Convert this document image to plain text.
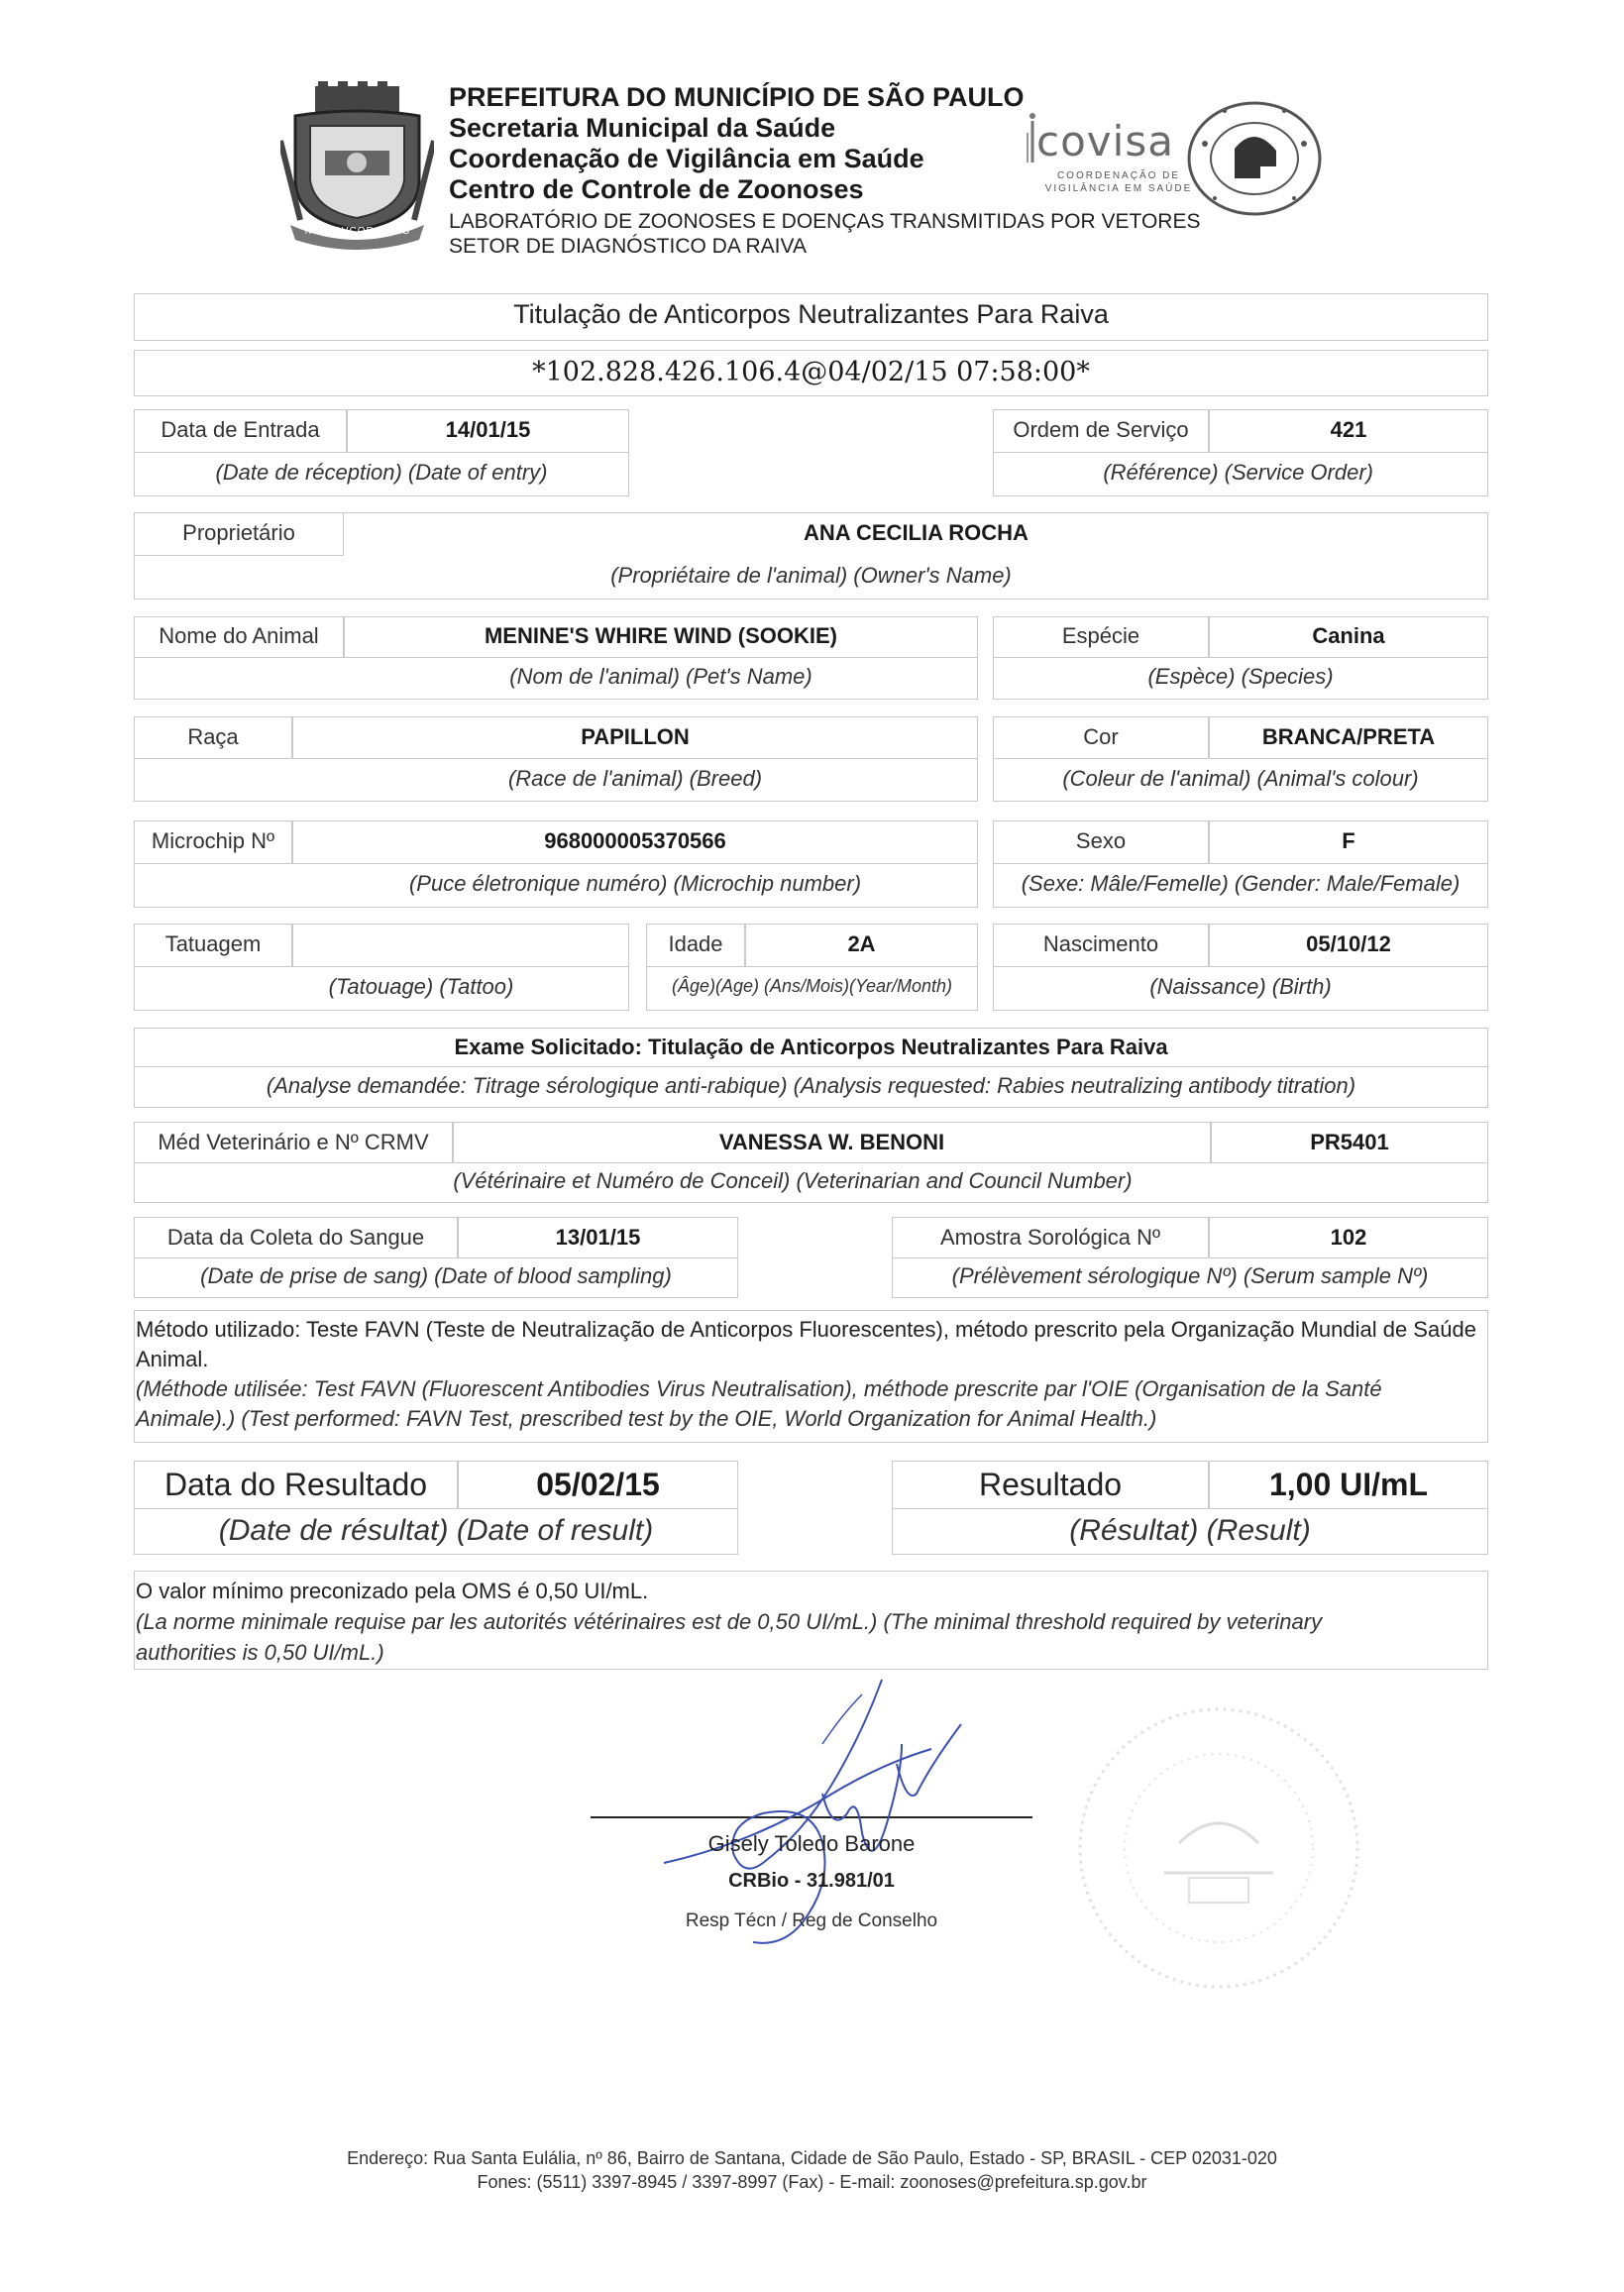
NON DVCOR DVCO
PREFEITURA DO MUNICÍPIO DE SÃO PAULO
Secretaria Municipal da Saúde
Coordenação de Vigilância em Saúde
Centro de Controle de Zoonoses
LABORATÓRIO DE ZOONOSES E DOENÇAS TRANSMITIDAS POR VETORES
SETOR DE DIAGNÓSTICO DA RAIVA
covisa
COORDENAÇÃO DE
VIGILÂNCIA EM SAÚDE
Titulação de Anticorpos Neutralizantes Para Raiva
*102.828.426.106.4@04/02/15 07:58:00*
Data de Entrada	14/01/15
(Date de réception) (Date of entry)
Ordem de Serviço	421
(Référence) (Service Order)
Proprietário	ANA CECILIA ROCHA
(Propriétaire de l'animal) (Owner's Name)
Nome do Animal	MENINE'S WHIRE WIND (SOOKIE)
(Nom de l'animal) (Pet's Name)
Espécie	Canina
(Espèce) (Species)
Raça	PAPILLON
(Race de l'animal) (Breed)
Cor	BRANCA/PRETA
(Coleur de l'animal) (Animal's colour)
Microchip Nº	968000005370566
(Puce életronique numéro) (Microchip number)
Sexo	F
(Sexe: Mâle/Femelle) (Gender: Male/Female)
Tatuagem
(Tatouage) (Tattoo)
Idade	2A
(Âge)(Age) (Ans/Mois)(Year/Month)
Nascimento	05/10/12
(Naissance) (Birth)
Exame Solicitado: Titulação de Anticorpos Neutralizantes Para Raiva
(Analyse demandée: Titrage sérologique anti-rabique) (Analysis requested: Rabies neutralizing antibody titration)
Méd Veterinário e Nº CRMV	VANESSA W. BENONI	PR5401
(Vétérinaire et Numéro de Conceil) (Veterinarian and Council Number)
Data da Coleta do Sangue	13/01/15
(Date de prise de sang) (Date of blood sampling)
Amostra Sorológica Nº	102
(Prélèvement sérologique Nº) (Serum sample Nº)
Método utilizado: Teste FAVN (Teste de Neutralização de Anticorpos Fluorescentes), método prescrito pela Organização Mundial de Saúde Animal.
(Méthode utilisée: Test FAVN (Fluorescent Antibodies Virus Neutralisation), méthode prescrite par l'OIE (Organisation de la Santé Animale).) (Test performed: FAVN Test, prescribed test by the OIE, World Organization for Animal Health.)
Data do Resultado	05/02/15
(Date de résultat) (Date of result)
Resultado	1,00 UI/mL
(Résultat) (Result)
O valor mínimo preconizado pela OMS é 0,50 UI/mL.
(La norme minimale requise par les autorités vétérinaires est de 0,50 UI/mL.) (The minimal threshold required by veterinary authorities is 0,50 UI/mL.)
Gisely Toledo Barone
CRBio - 31.981/01
Resp Técn / Reg de Conselho
Endereço: Rua Santa Eulália, nº 86, Bairro de Santana, Cidade de São Paulo, Estado - SP, BRASIL - CEP 02031-020
Fones: (5511) 3397-8945 / 3397-8997 (Fax) - E-mail: zoonoses@prefeitura.sp.gov.br
